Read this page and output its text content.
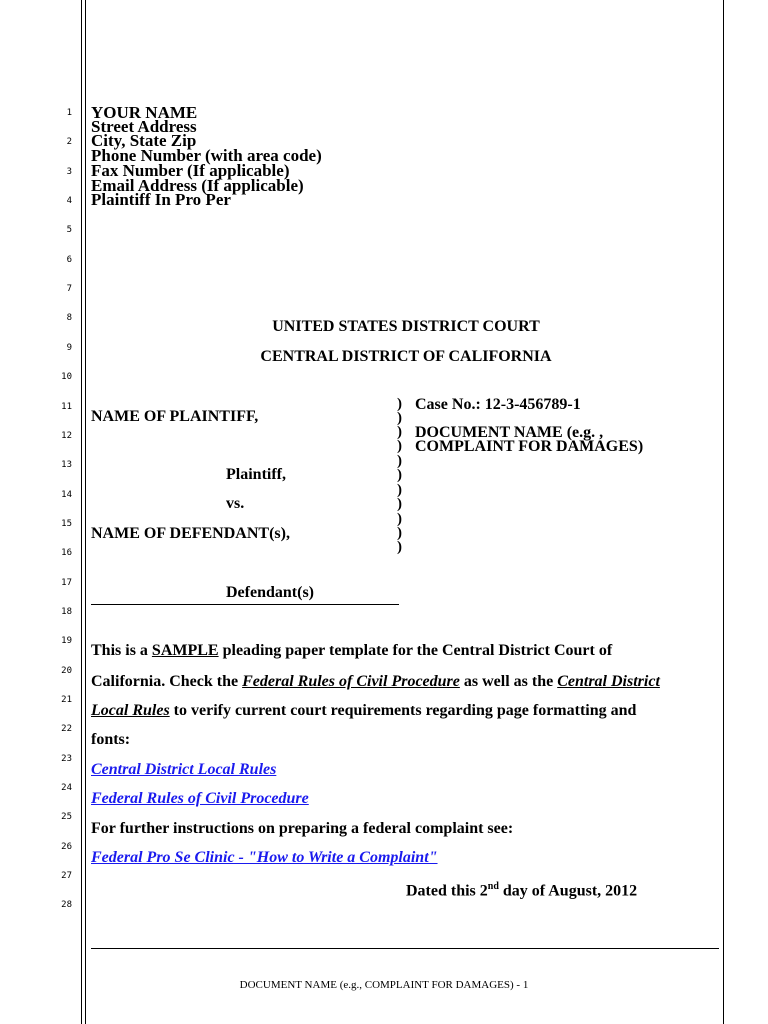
1
2
3
4
5
6
7
8
9
10
11
12
13
14
15
16
17
18
19
20
21
22
23
24
25
26
27
28
YOUR NAME
Street Address
City, State Zip
Phone Number (with area code)
Fax Number (If applicable)
Email Address (If applicable)
Plaintiff In Pro Per
UNITED STATES DISTRICT COURT
CENTRAL DISTRICT OF CALIFORNIA
NAME OF PLAINTIFF,
Plaintiff,
vs.
NAME OF DEFENDANT(s),
Defendant(s)
)
)
)
)
)
)
)
)
)
)
)
Case No.: 12-3-456789-1
DOCUMENT NAME (e.g. ,
COMPLAINT FOR DAMAGES)
This is a SAMPLE pleading paper template for the Central District Court of
California. Check the Federal Rules of Civil Procedure as well as the Central District
Local Rules to verify current court requirements regarding page formatting and
fonts:
Central District Local Rules
Federal Rules of Civil Procedure
For further instructions on preparing a federal complaint see:
Federal Pro Se Clinic - "How to Write a Complaint"
Dated this 2nd day of August, 2012
DOCUMENT NAME (e.g., COMPLAINT FOR DAMAGES) - 1
